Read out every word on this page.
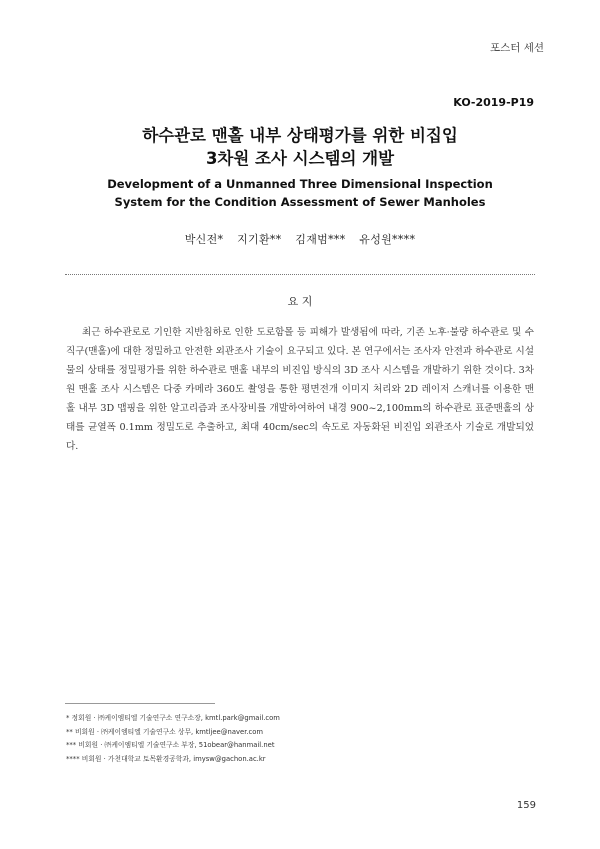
포스터 세션
KO-2019-P19
하수관로 맨홀 내부 상태평가를 위한 비집입
3차원 조사 시스템의 개발
Development of a Unmanned Three Dimensional Inspection
System for the Condition Assessment of Sewer Manholes
박신전* 지기환** 김재범*** 유성원****
요 지
최근 하수관로로 기인한 지반침하로 인한 도로함몰 등 피해가 발생됨에 따라, 기존 노후·불량 하수관로 및 수직구(맨홀)에 대한 정밀하고 안전한 외관조사 기술이 요구되고 있다. 본 연구에서는 조사자 안전과 하수관로 시설물의 상태를 정밀평가를 위한 하수관로 맨홀 내부의 비진입 방식의 3D 조사 시스템을 개발하기 위한 것이다. 3차원 맨홀 조사 시스템은 다중 카메라 360도 촬영을 통한 평면전개 이미지 처리와 2D 레이저 스캐너를 이용한 맨홀 내부 3D 맵핑을 위한 알고리즘과 조사장비를 개발하여하여 내경 900~2,100mm의 하수관로 표준맨홀의 상태를 균열폭 0.1mm 정밀도로 추출하고, 최대 40cm/sec의 속도로 자동화된 비진입 외관조사 기술로 개발되었다.
* 정회원 · ㈜케이엠티엘 기술연구소 연구소장, kmtl.park@gmail.com
** 비회원 · ㈜케이엠티엘 기술연구소 상무, kmtljee@naver.com
*** 비회원 · ㈜케이엠티엘 기술연구소 부장, 51obear@hanmail.net
**** 비회원 · 가천대학교 토목환경공학과, imysw@gachon.ac.kr
159
